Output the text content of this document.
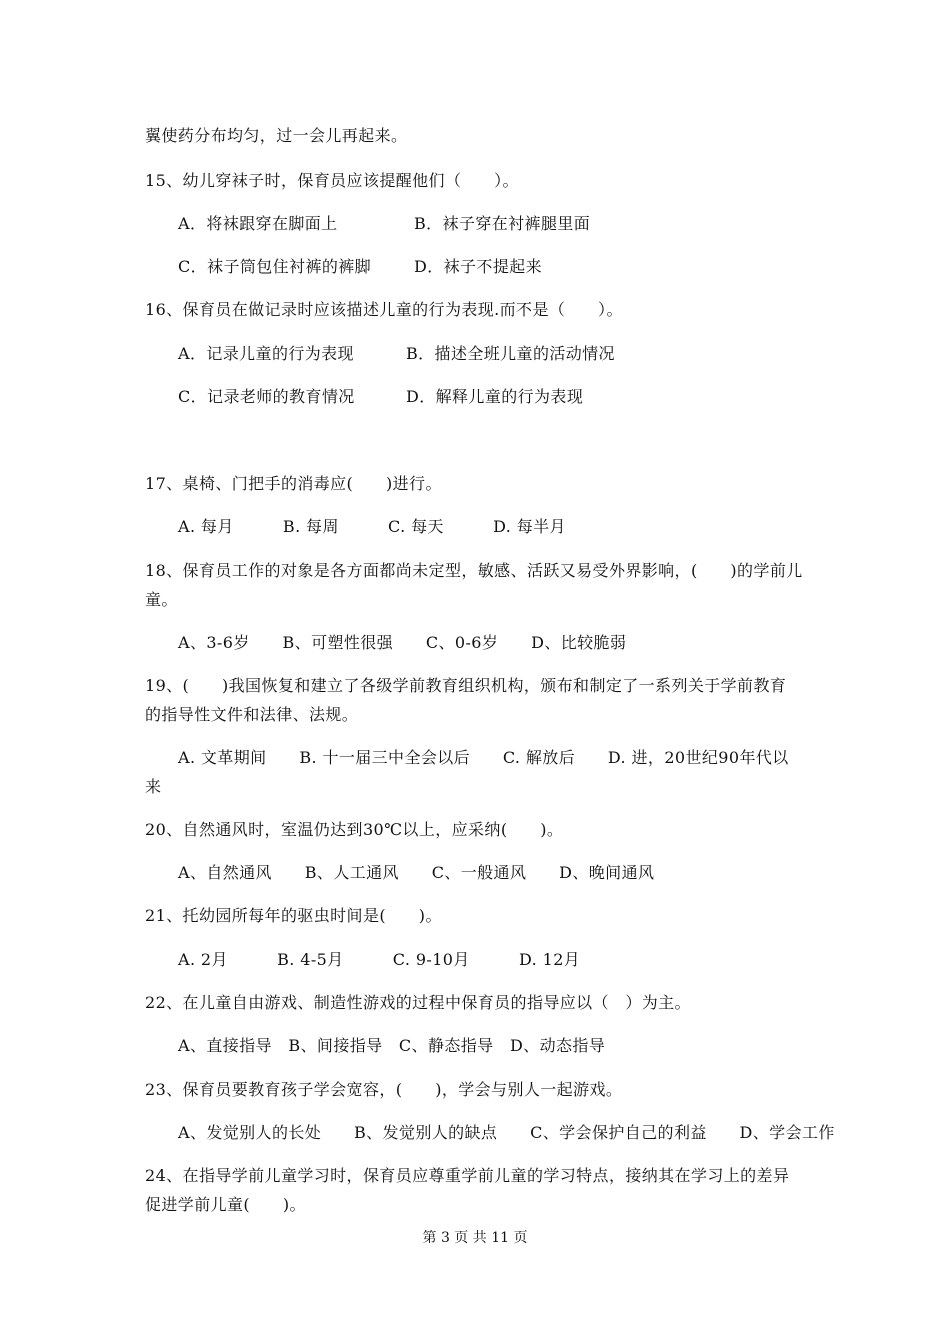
翼使药分布均匀，过一会儿再起来。
15、幼儿穿袜子时，保育员应该提醒他们（　　）。
A．将袜跟穿在脚面上	B．袜子穿在衬裤腿里面
C．袜子筒包住衬裤的裤脚	D．袜子不提起来
16、保育员在做记录时应该描述儿童的行为表现.而不是（　　）。
A．记录儿童的行为表现	B．描述全班儿童的活动情况
C．记录老师的教育情况	D．解释儿童的行为表现
17、桌椅、门把手的消毒应(　　)进行。
A. 每月　　　B. 每周　　　C. 每天　　　D. 每半月
18、保育员工作的对象是各方面都尚未定型，敏感、活跃又易受外界影响，(　　)的学前儿
童。
A、3-6岁　　B、可塑性很强　　C、0-6岁　　D、比较脆弱
19、(　　)我国恢复和建立了各级学前教育组织机构，颁布和制定了一系列关于学前教育
的指导性文件和法律、法规。
A. 文革期间　　B. 十一届三中全会以后　　C. 解放后　　D. 进，20世纪90年代以
来
20、自然通风时，室温仍达到30℃以上，应采纳(　　)。
A、自然通风　　B、人工通风　　C、一般通风　　D、晚间通风
21、托幼园所每年的驱虫时间是(　　)。
A. 2月　　　B. 4-5月　　　C. 9-10月　　　D. 12月
22、在儿童自由游戏、制造性游戏的过程中保育员的指导应以（　）为主。
A、直接指导　B、间接指导　C、静态指导　D、动态指导
23、保育员要教育孩子学会宽容，(　　)，学会与别人一起游戏。
A、发觉别人的长处　　B、发觉别人的缺点　　C、学会保护自己的利益　　D、学会工作
24、在指导学前儿童学习时，保育员应尊重学前儿童的学习特点，接纳其在学习上的差异
促进学前儿童(　　)。
第 3 页 共 11 页
